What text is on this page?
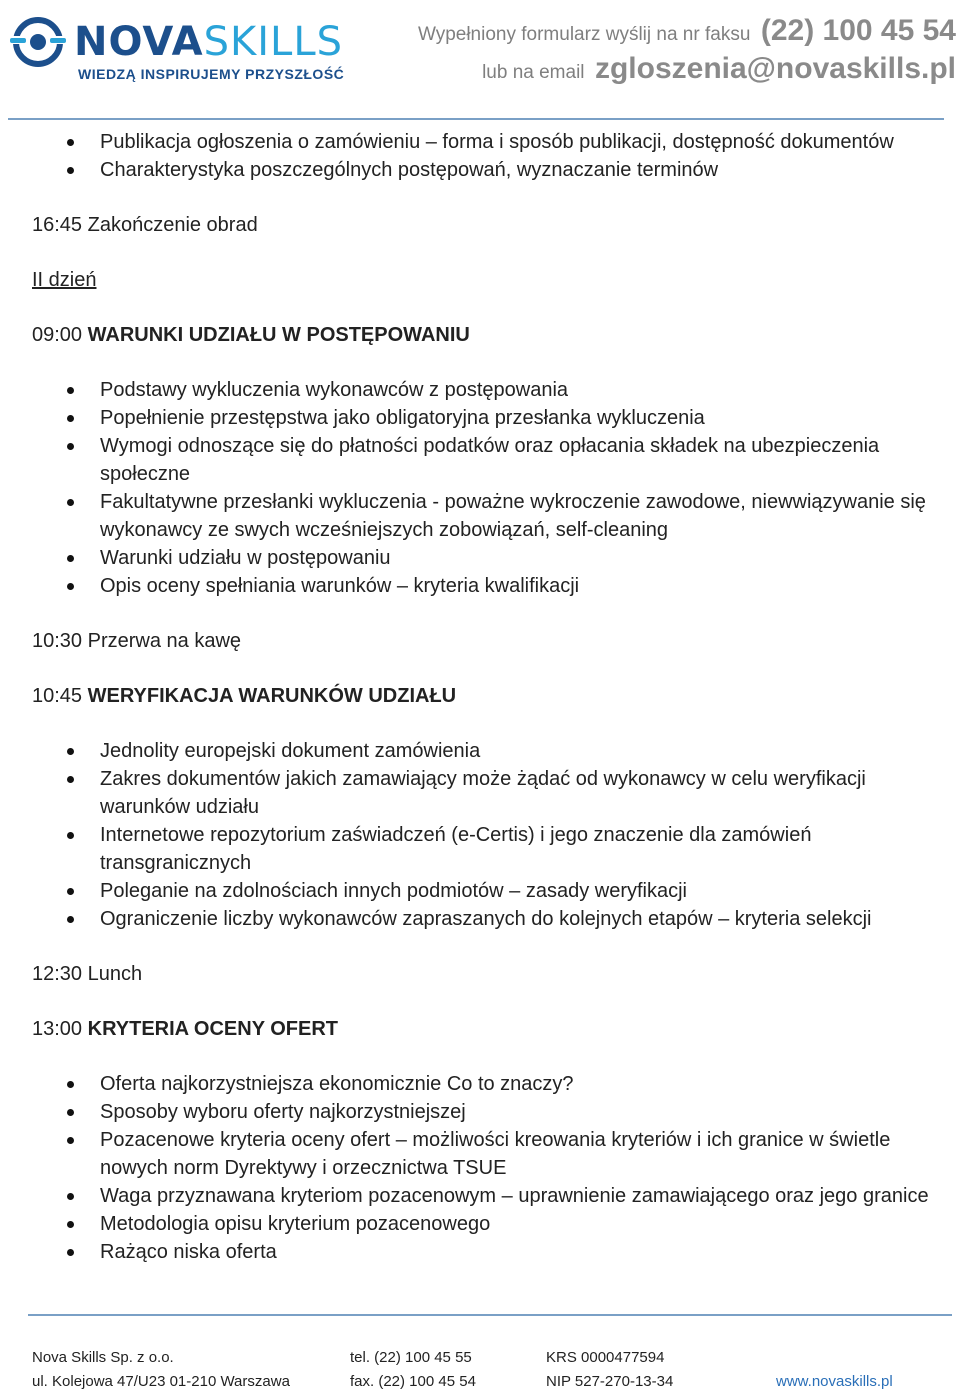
NOVASKILLS
WIEDZĄ INSPIRUJEMY PRZYSZŁOŚĆ
Wypełniony formularz wyślij na nr faksu (22) 100 45 54
lub na email zgloszenia@novaskills.pl
Publikacja ogłoszenia o zamówieniu – forma i sposób publikacji, dostępność dokumentów
Charakterystyka poszczególnych postępowań, wyznaczanie terminów

16:45 Zakończenie obrad

II dzień

09:00 WARUNKI UDZIAŁU W POSTĘPOWANIU

Podstawy wykluczenia wykonawców z postępowania
Popełnienie przestępstwa jako obligatoryjna przesłanka wykluczenia
Wymogi odnoszące się do płatności podatków oraz opłacania składek na ubezpieczenia społeczne
Fakultatywne przesłanki wykluczenia - poważne wykroczenie zawodowe, niewwiązywanie się wykonawcy ze swych wcześniejszych zobowiązań, self-cleaning
Warunki udziału w postępowaniu
Opis oceny spełniania warunków – kryteria kwalifikacji

10:30 Przerwa na kawę

10:45 WERYFIKACJA WARUNKÓW UDZIAŁU

Jednolity europejski dokument zamówienia
Zakres dokumentów jakich zamawiający może żądać od wykonawcy w celu weryfikacji warunków udziału
Internetowe repozytorium zaświadczeń (e-Certis) i jego znaczenie dla zamówień transgranicznych
Poleganie na zdolnościach innych podmiotów – zasady weryfikacji
Ograniczenie liczby wykonawców zapraszanych do kolejnych etapów – kryteria selekcji

12:30 Lunch

13:00 KRYTERIA OCENY OFERT

Oferta najkorzystniejsza ekonomicznie Co to znaczy?
Sposoby wyboru oferty najkorzystniejszej
Pozacenowe kryteria oceny ofert – możliwości kreowania kryteriów i ich granice w świetle nowych norm Dyrektywy i orzecznictwa TSUE
Waga przyznawana kryteriom pozacenowym – uprawnienie zamawiającego oraz jego granice
Metodologia opisu kryterium pozacenowego
Rażąco niska oferta
Nova Skills Sp. z o.o.
ul. Kolejowa 47/U23 01-210 Warszawa
tel. (22) 100 45 55
fax. (22) 100 45 54
KRS 0000477594
NIP 527-270-13-34
	www.novaskills.pl
